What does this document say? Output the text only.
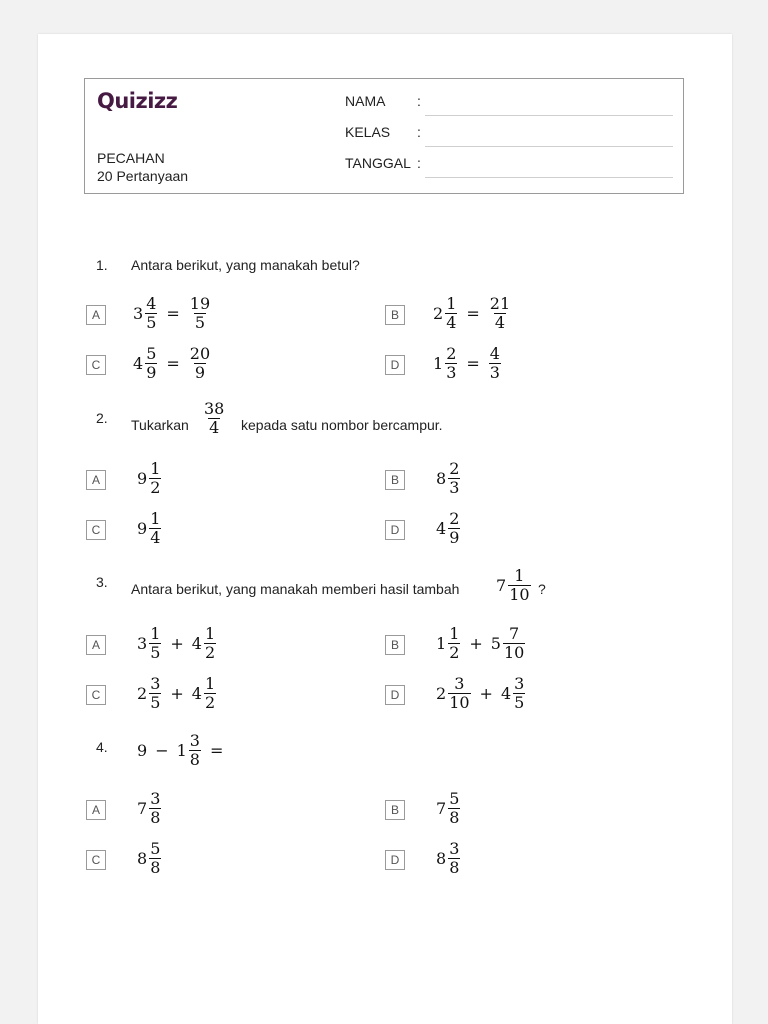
Quizizz
PECAHAN
20 Pertanyaan
NAMA :
KELAS :
TANGGAL :
1. Antara berikut, yang manakah betul?
A	$3 \frac{4}{5} = \frac{19}{5}$	B	$2 \frac{1}{4} = \frac{21}{4}$
C	$4 \frac{5}{9} = \frac{20}{9}$	D	$1 \frac{2}{3} = \frac{4}{3}$
2. Tukarkan $\frac{38}{4}$ kepada satu nombor bercampur.
A	$9 \frac{1}{2}$	B	$8 \frac{2}{3}$
C	$9 \frac{1}{4}$	D	$4 \frac{2}{9}$
3. Antara berikut, yang manakah memberi hasil tambah $7 \frac{1}{10}$ ?
A	$3 \frac{1}{5} + 4 \frac{1}{2}$	B	$1 \frac{1}{2} + 5 \frac{7}{10}$
C	$2 \frac{3}{5} + 4 \frac{1}{2}$	D	$2 \frac{3}{10} + 4 \frac{3}{5}$
4. $9 - 1 \frac{3}{8}$ =
A	$7 \frac{3}{8}$	B	$7 \frac{5}{8}$
C	$8 \frac{5}{8}$	D	$8 \frac{3}{8}$
